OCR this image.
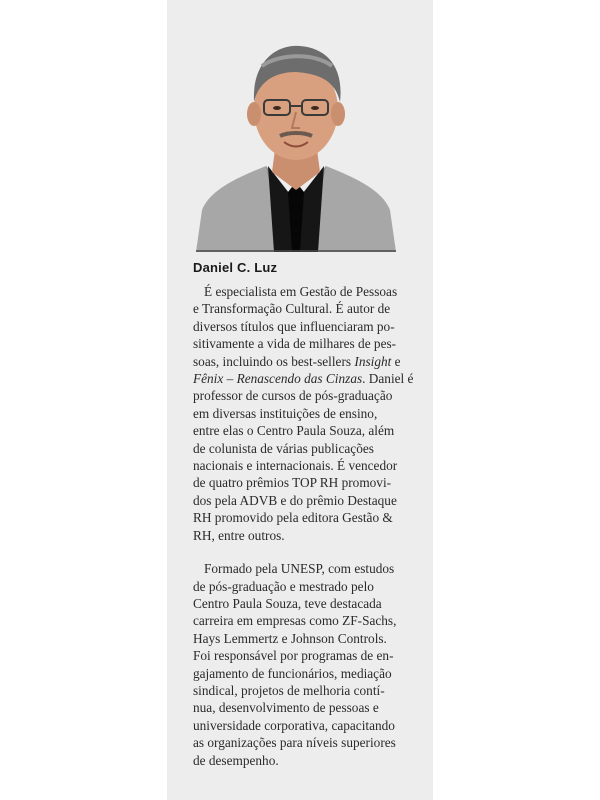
Daniel C. Luz
É especialista em Gestão de Pessoas
e Transformação Cultural. É autor de
diversos títulos que influenciaram po-
sitivamente a vida de milhares de pes-
soas, incluindo os best-sellers Insight e
Fênix – Renascendo das Cinzas. Daniel é
professor de cursos de pós-graduação
em diversas instituições de ensino,
entre elas o Centro Paula Souza, além
de colunista de várias publicações
nacionais e internacionais. É vencedor
de quatro prêmios TOP RH promovi-
dos pela ADVB e do prêmio Destaque
RH promovido pela editora Gestão &
RH, entre outros.
Formado pela UNESP, com estudos
de pós-graduação e mestrado pelo
Centro Paula Souza, teve destacada
carreira em empresas como ZF-Sachs,
Hays Lemmertz e Johnson Controls.
Foi responsável por programas de en-
gajamento de funcionários, mediação
sindical, projetos de melhoria contí-
nua, desenvolvimento de pessoas e
universidade corporativa, capacitando
as organizações para níveis superiores
de desempenho.
